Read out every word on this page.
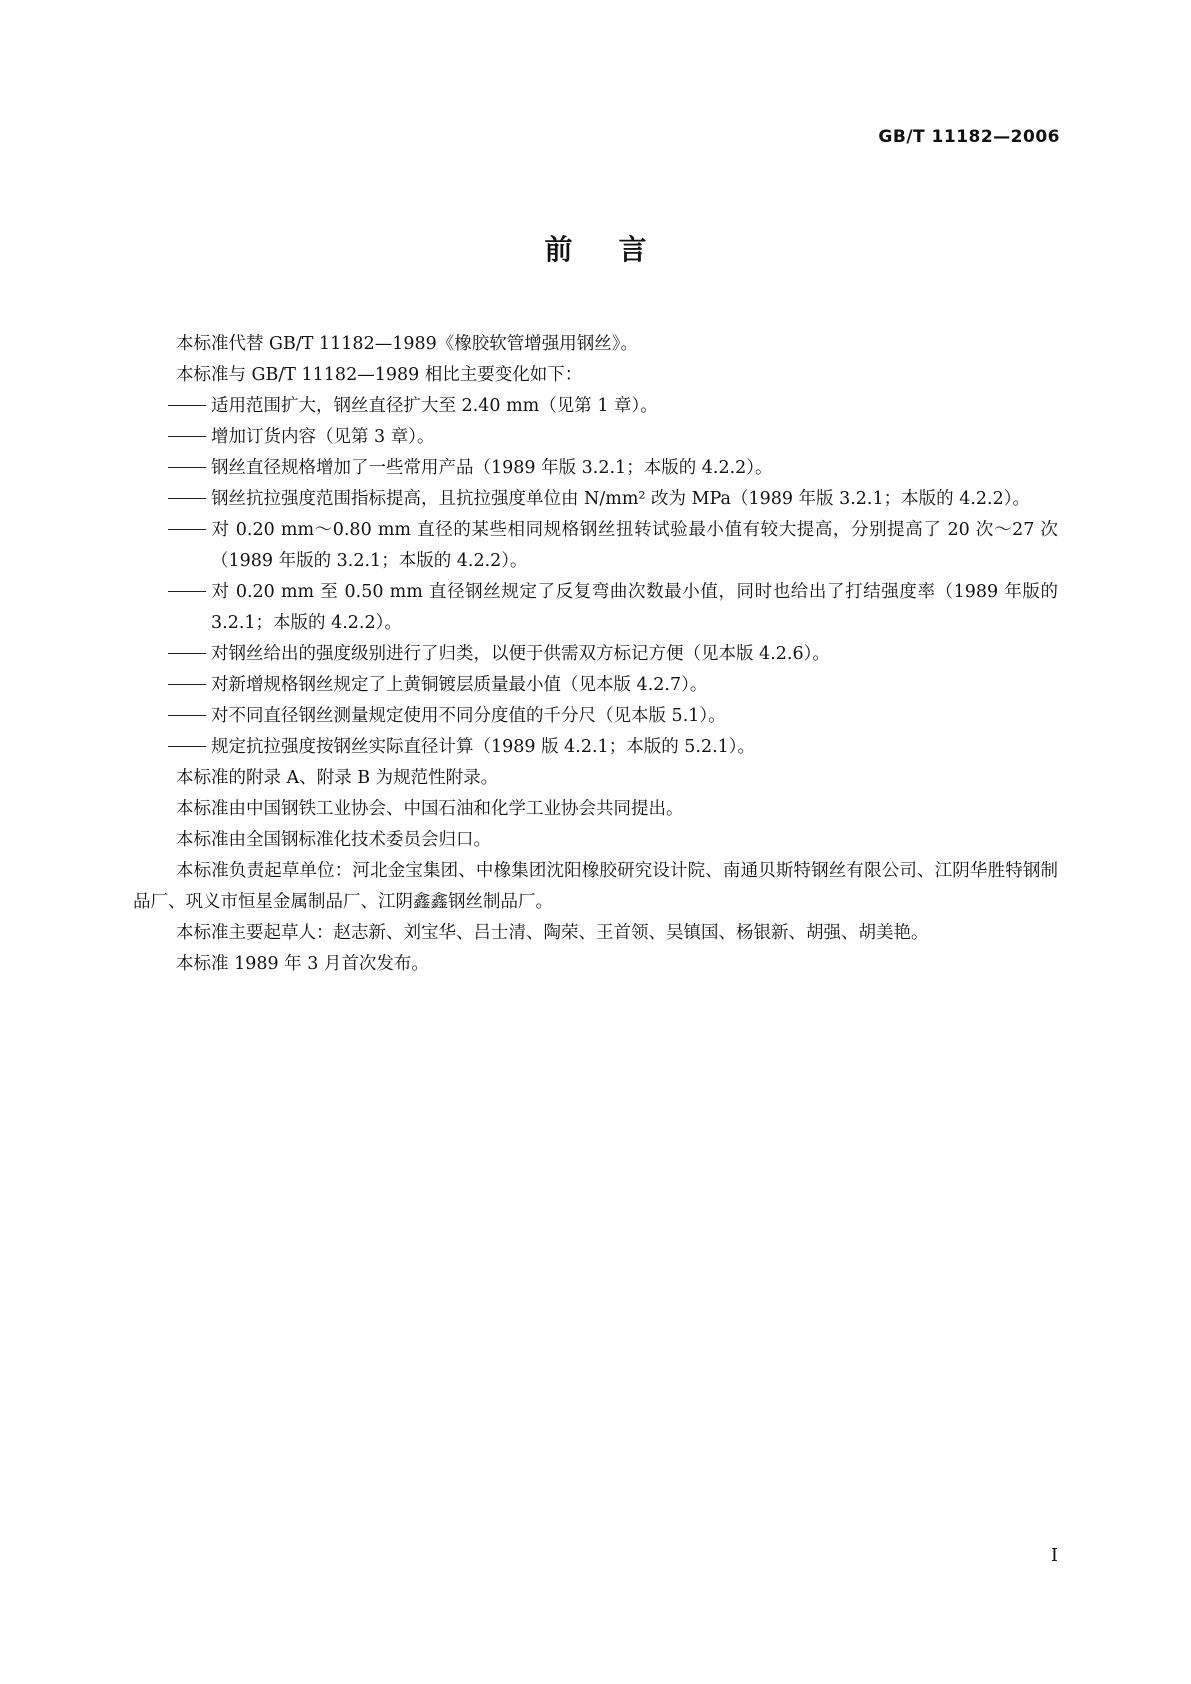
GB/T 11182—2006
前言

本标准代替 GB/T 11182—1989《橡胶软管增强用钢丝》。

本标准与 GB/T 11182—1989 相比主要变化如下：

适用范围扩大，钢丝直径扩大至 2.40 mm（见第 1 章）。

增加订货内容（见第 3 章）。

钢丝直径规格增加了一些常用产品（1989 年版 3.2.1；本版的 4.2.2）。

钢丝抗拉强度范围指标提高，且抗拉强度单位由 N/mm² 改为 MPa（1989 年版 3.2.1；本版的 4.2.2）。

对 0.20 mm～0.80 mm 直径的某些相同规格钢丝扭转试验最小值有较大提高，分别提高了 20 次～27 次（1989 年版的 3.2.1；本版的 4.2.2）。

对 0.20 mm 至 0.50 mm 直径钢丝规定了反复弯曲次数最小值，同时也给出了打结强度率（1989 年版的 3.2.1；本版的 4.2.2）。

对钢丝给出的强度级别进行了归类，以便于供需双方标记方便（见本版 4.2.6）。

对新增规格钢丝规定了上黄铜镀层质量最小值（见本版 4.2.7）。

对不同直径钢丝测量规定使用不同分度值的千分尺（见本版 5.1）。

规定抗拉强度按钢丝实际直径计算（1989 版 4.2.1；本版的 5.2.1）。

本标准的附录 A、附录 B 为规范性附录。

本标准由中国钢铁工业协会、中国石油和化学工业协会共同提出。

本标准由全国钢标准化技术委员会归口。

本标准负责起草单位：河北金宝集团、中橡集团沈阳橡胶研究设计院、南通贝斯特钢丝有限公司、江阴华胜特钢制品厂、巩义市恒星金属制品厂、江阴鑫鑫钢丝制品厂。

本标准主要起草人：赵志新、刘宝华、吕士清、陶荣、王首领、吴镇国、杨银新、胡强、胡美艳。

本标准 1989 年 3 月首次发布。

I
